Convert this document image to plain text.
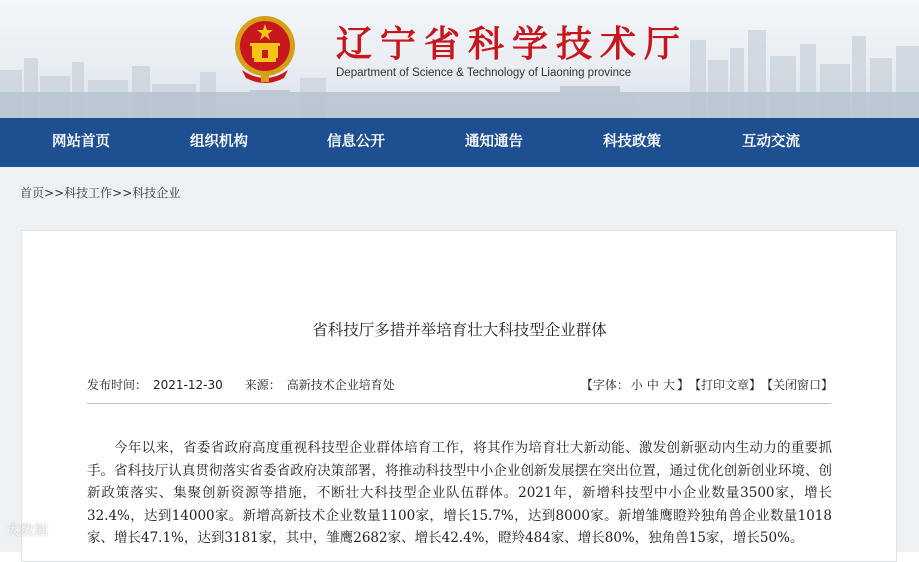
辽宁省科学技术厅
Department of Science & Technology of Liaoning province
网站首页	组织机构	信息公开	通知通告	科技政策	互动交流
首页>>科技工作>>科技企业
省科技厅多措并举培育壮大科技型企业群体
发布时间： 2021-12-30 来源： 高新技术企业培育处	【字体： 小 中 大 】 【打印文章】 【关闭窗口】
今年以来，省委省政府高度重视科技型企业群体培育工作，将其作为培育壮大新动能、激发创新驱动内生动力的重要抓手。省科技厅认真贯彻落实省委省政府决策部署，将推动科技型中小企业创新发展摆在突出位置，通过优化创新创业环境、创新政策落实、集聚创新资源等措施，不断壮大科技型企业队伍群体。2021年，新增科技型中小企业数量3500家，增长32.4%，达到14000家。新增高新技术企业数量1100家，增长15.7%，达到8000家。新增雏鹰瞪羚独角兽企业数量1018家、增长47.1%，达到3181家，其中，雏鹰2682家、增长42.4%，瞪羚484家、增长80%，独角兽15家，增长50%。
大数据
